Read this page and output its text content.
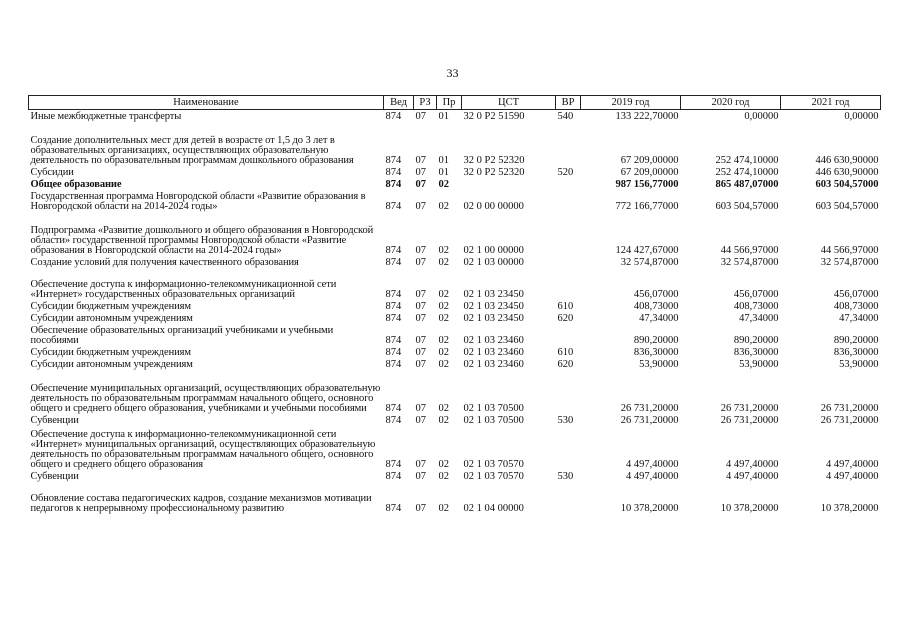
33
Наименование	Вед	РЗ	Пр	ЦСТ	ВР	2019 год	2020 год	2021 год
Иные межбюджетные трансферты	874	07	01	32 0 P2 51590	540	133 222,70000	0,00000	0,00000
Создание дополнительных мест для детей в возрасте от 1,5 до 3 лет в образовательных организациях, осуществляющих образовательную деятельность по образовательным программам дошкольного образования	874	07	01	32 0 P2 52320		67 209,00000	252 474,10000	446 630,90000
Субсидии	874	07	01	32 0 P2 52320	520	67 209,00000	252 474,10000	446 630,90000
Общее образование	874	07	02			987 156,77000	865 487,07000	603 504,57000
Государственная программа Новгородской области «Развитие образования в Новгородской области на 2014-2024 годы»	874	07	02	02 0 00 00000		772 166,77000	603 504,57000	603 504,57000
Подпрограмма «Развитие дошкольного и общего образования в Новгородской области» государственной программы Новгородской области «Развитие образования в Новгородской области на 2014-2024 годы»	874	07	02	02 1 00 00000		124 427,67000	44 566,97000	44 566,97000
Создание условий для получения качественного образования	874	07	02	02 1 03 00000		32 574,87000	32 574,87000	32 574,87000
Обеспечение доступа к информационно-телекоммуникационной сети «Интернет» государственных образовательных организаций	874	07	02	02 1 03 23450		456,07000	456,07000	456,07000
Субсидии бюджетным учреждениям	874	07	02	02 1 03 23450	610	408,73000	408,73000	408,73000
Субсидии автономным учреждениям	874	07	02	02 1 03 23450	620	47,34000	47,34000	47,34000
Обеспечение образовательных организаций учебниками и учебными пособиями	874	07	02	02 1 03 23460		890,20000	890,20000	890,20000
Субсидии бюджетным учреждениям	874	07	02	02 1 03 23460	610	836,30000	836,30000	836,30000
Субсидии автономным учреждениям	874	07	02	02 1 03 23460	620	53,90000	53,90000	53,90000
Обеспечение муниципальных организаций, осуществляющих образовательную деятельность по образовательным программам начального общего, основного общего и среднего общего образования, учебниками и учебными пособиями	874	07	02	02 1 03 70500		26 731,20000	26 731,20000	26 731,20000
Субвенции	874	07	02	02 1 03 70500	530	26 731,20000	26 731,20000	26 731,20000
Обеспечение доступа к информационно-телекоммуникационной сети «Интернет» муниципальных организаций, осуществляющих образовательную деятельность по образовательным программам начального общего, основного общего и среднего общего образования	874	07	02	02 1 03 70570		4 497,40000	4 497,40000	4 497,40000
Субвенции	874	07	02	02 1 03 70570	530	4 497,40000	4 497,40000	4 497,40000
Обновление состава педагогических кадров, создание механизмов мотивации педагогов к непрерывному профессиональному развитию	874	07	02	02 1 04 00000		10 378,20000	10 378,20000	10 378,20000
